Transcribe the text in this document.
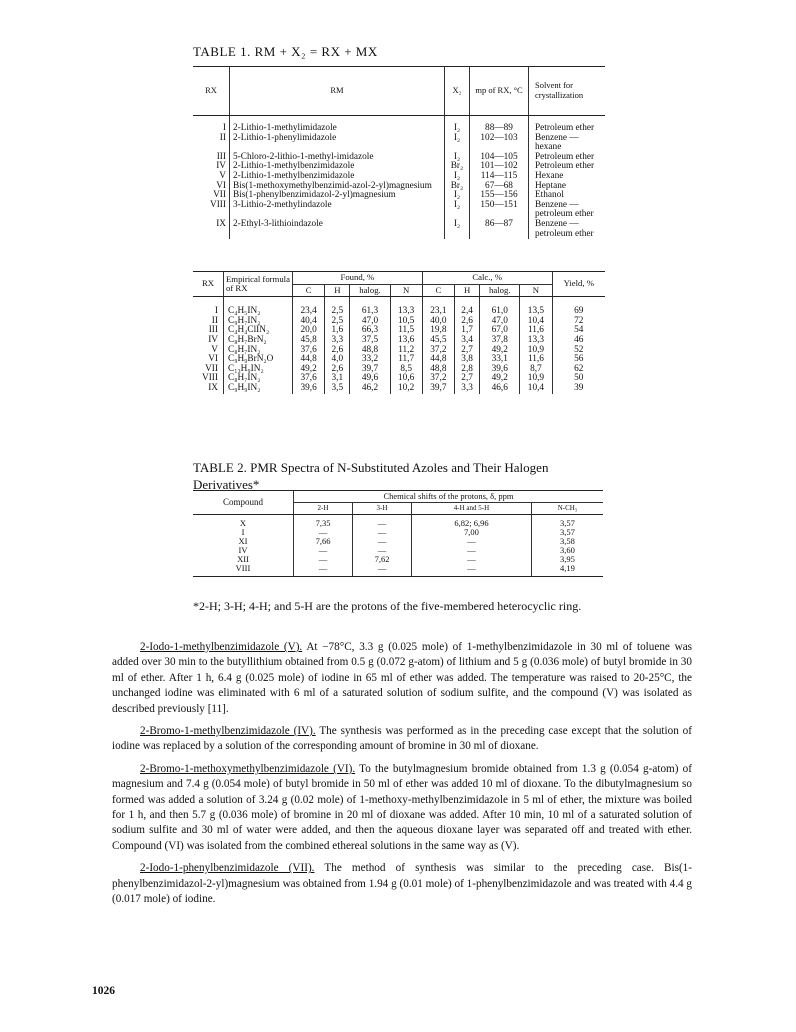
TABLE 1. RM + X₂ = RX + MX
RX	RM	X₂	mp of RX, °C	Solvent for crystallization
I	2-Lithio-1-methylimidazole	I₂	88—89	Petroleum ether
II	2-Lithio-1-phenylimidazole	I₂	102—103	Benzene — hexane
III	5-Chloro-2-lithio-1-methyl-imidazole	I₂	104—105	Petroleum ether
IV	2-Lithio-1-methylbenzimidazole	Br₂	101—102	Petroleum ether
V	2-Lithio-1-methylbenzimidazole	I₂	114—115	Hexane
VI	Bis(1-methoxymethylbenzimid-azol-2-yl)magnesium	Br₂	67—68	Heptane
VII	Bis(1-phenylbenzimidazol-2-yl)magnesium	I₂	155—156	Ethanol
VIII	3-Lithio-2-methylindazole	I₂	150—151	Benzene — petroleum ether
IX	2-Ethyl-3-lithioindazole	I₂	86—87	Benzene — petroleum ether
RX	Empirical formula of RX	Found, %				Calc., %				Yield, %

		C	H	halog.	N	C	H	halog.	N	
I	C₄H₅IN₂	23,4	2,5	61,3	13,3	23,1	2,4	61,0	13,5	69
II	C₉H₇IN₂	40,4	2,5	47,0	10,5	40,0	2,6	47,0	10,4	72
III	C₄H₄ClIN₂	20,0	1,6	66,3	11,5	19,8	1,7	67,0	11,6	54
IV	C₈H₇BrN₂	45,8	3,3	37,5	13,6	45,5	3,4	37,8	13,3	46
V	C₈H₇IN₂	37,6	2,6	48,8	11,2	37,2	2,7	49,2	10,9	52
VI	C₉H₉BrN₂O	44,8	4,0	33,2	11,7	44,8	3,8	33,1	11,6	56
VII	C₁₃H₉IN₂	49,2	2,6	39,7	8,5	48,8	2,8	39,6	8,7	62
VIII	C₈H₇IN₂	37,6	3,1	49,6	10,6	37,2	2,7	49,2	10,9	50
IX	C₉H₉IN₂	39,6	3,5	46,2	10,2	39,7	3,3	46,6	10,4	39
TABLE 2. PMR Spectra of N-Substituted Azoles and Their Halogen Derivatives*
Compound	Chemical shifts of the protons, δ, ppm			
	2-H	3-H	4-H and 5-H	N-CH₃
X	7,35	—	6,82; 6,96	3,57
I	—	—	7,00	3,57
XI	7,66	—	—	3,58
IV	—	—	—	3,60
XII	—	7,62	—	3,95
VIII	—	—	—	4,19
*2-H; 3-H; 4-H; and 5-H are the protons of the five-membered heterocyclic ring.

2-Iodo-1-methylbenzimidazole (V). At −78°C, 3.3 g (0.025 mole) of 1-methylbenzimidazole in 30 ml of toluene was added over 30 min to the butyllithium obtained from 0.5 g (0.072 g-atom) of lithium and 5 g (0.036 mole) of butyl bromide in 30 ml of ether. After 1 h, 6.4 g (0.025 mole) of iodine in 65 ml of ether was added. The temperature was raised to 20-25°C, the unchanged iodine was eliminated with 6 ml of a saturated solution of sodium sulfite, and the compound (V) was isolated as described previously [11].

2-Bromo-1-methylbenzimidazole (IV). The synthesis was performed as in the preceding case except that the solution of iodine was replaced by a solution of the corresponding amount of bromine in 30 ml of dioxane.

2-Bromo-1-methoxymethylbenzimidazole (VI). To the butylmagnesium bromide obtained from 1.3 g (0.054 g-atom) of magnesium and 7.4 g (0.054 mole) of butyl bromide in 50 ml of ether was added 10 ml of dioxane. To the dibutylmagnesium so formed was added a solution of 3.24 g (0.02 mole) of 1-methoxy-methylbenzimidazole in 5 ml of ether, the mixture was boiled for 1 h, and then 5.7 g (0.036 mole) of bromine in 20 ml of dioxane was added. After 10 min, 10 ml of a saturated solution of sodium sulfite and 30 ml of water were added, and then the aqueous dioxane layer was separated off and treated with ether. Compound (VI) was isolated from the combined ethereal solutions in the same way as (V).

2-Iodo-1-phenylbenzimidazole (VII). The method of synthesis was similar to the preceding case. Bis(1-phenylbenzimidazol-2-yl)magnesium was obtained from 1.94 g (0.01 mole) of 1-phenylbenzimidazole and was treated with 4.4 g (0.017 mole) of iodine.

1026
